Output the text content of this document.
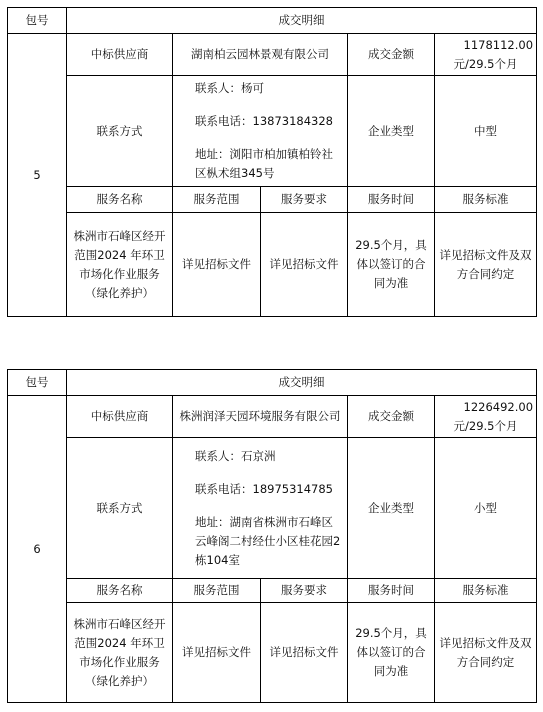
包号	成交明细				
5	中标供应商	湖南柏云园林景观有限公司		成交金额	1178112.00
元/29.5个月

	联系方式	联系人：杨可
联系电话：13873184328
地址：浏阳市柏加镇柏铃社区枞术组345号		企业类型	中型
	服务名称	服务范围	服务要求	服务时间	服务标准
	株洲市石峰区经开范围2024 年环卫市场化作业服务（绿化养护）	详见招标文件	详见招标文件	29.5个月，具体以签订的合同为准	详见招标文件及双方合同约定
包号	成交明细				
6	中标供应商	株洲润泽天园环境服务有限公司		成交金额	1226492.00
元/29.5个月

	联系方式	联系人：石京洲
联系电话：18975314785
地址：湖南省株洲市石峰区云峰阁二村经仕小区桂花园2栋104室		企业类型	小型
	服务名称	服务范围	服务要求	服务时间	服务标准
	株洲市石峰区经开范围2024 年环卫市场化作业服务（绿化养护）	详见招标文件	详见招标文件	29.5个月，具体以签订的合同为准	详见招标文件及双方合同约定
